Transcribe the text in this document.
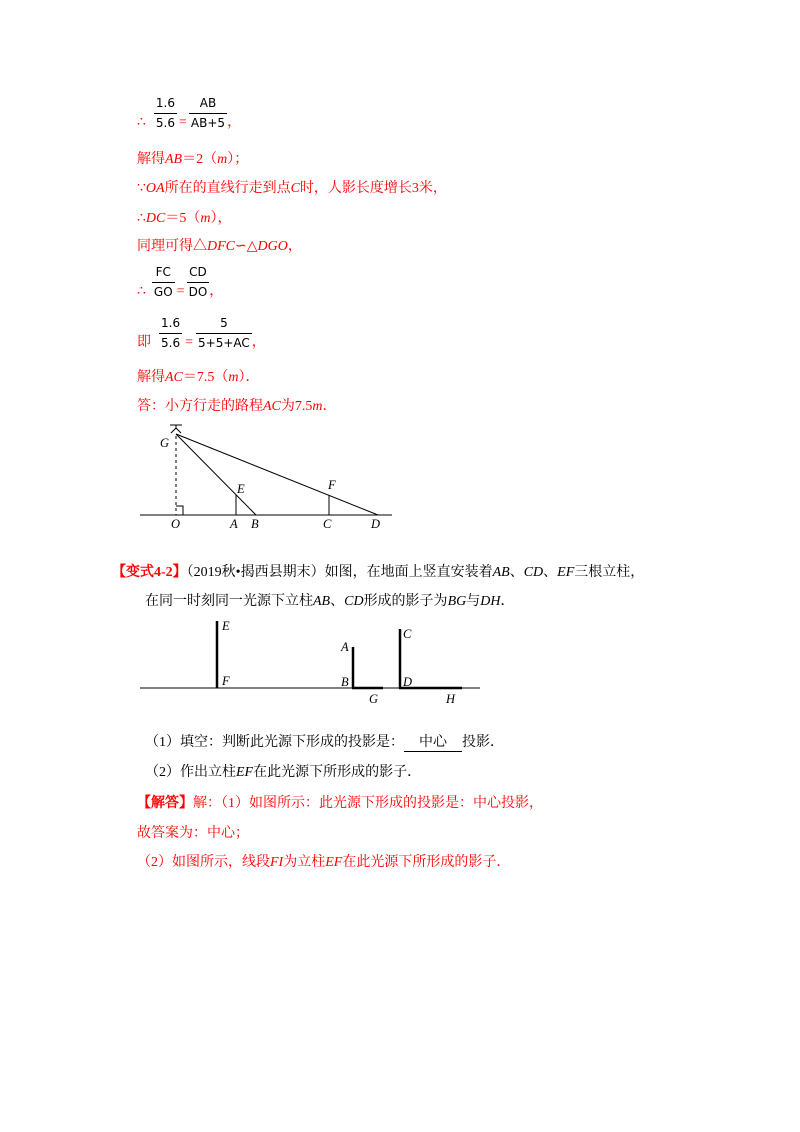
∴ $\frac{1.6}{5.6} = \frac{AB}{AB+5}$ ，
解得AB＝2（m）；
∵OA所在的直线行走到点C时，人影长度增长3米，
∴DC＝5（m），
同理可得△DFC∽△DGO，
∴ $\frac{FC}{GO} = \frac{CD}{DO}$ ，
即 $\frac{1.6}{5.6} = \frac{5}{5+5+AC}$ ，
解得AC＝7.5（m）．
答：小方行走的路程AC为7.5m．
G
O	A B	C	D
E	F
【变式4-2】（2019秋•揭西县期末）如图，在地面上竖直安装着AB、CD、EF三根立柱，
在同一时刻同一光源下立柱AB、CD形成的影子为BG与DH．
E
F
A
B
G
C
D
H
（1）填空：判断此光源下形成的投影是： 中心 投影．
（2）作出立柱EF在此光源下所形成的影子．
【解答】解：（1）如图所示：此光源下形成的投影是：中心投影，
故答案为：中心；
（2）如图所示，线段FI为立柱EF在此光源下所形成的影子．
